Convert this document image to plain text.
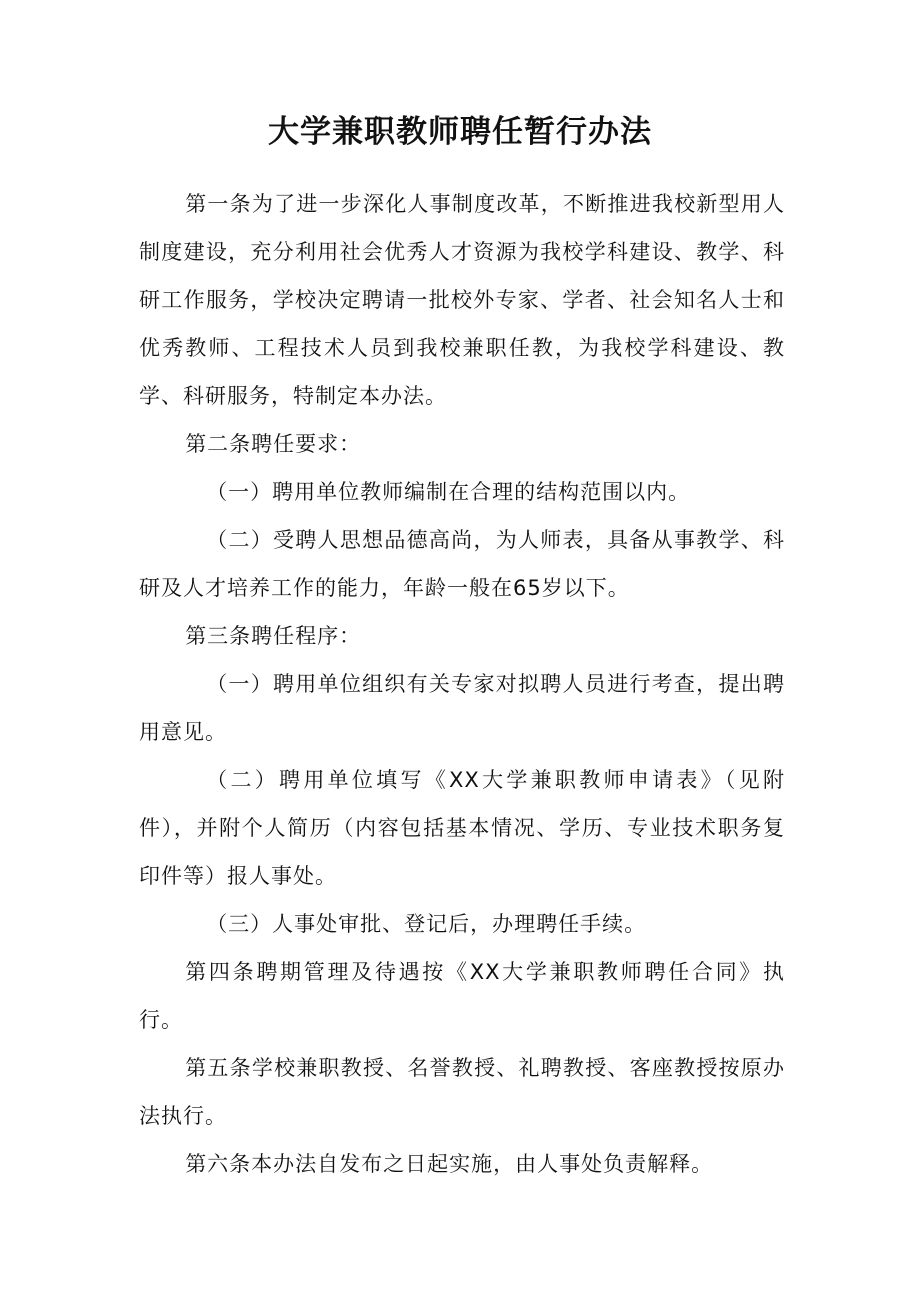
大学兼职教师聘任暂行办法

第一条为了进一步深化人事制度改革，不断推进我校新型用人制度建设，充分利用社会优秀人才资源为我校学科建设、教学、科研工作服务，学校决定聘请一批校外专家、学者、社会知名人士和优秀教师、工程技术人员到我校兼职任教，为我校学科建设、教学、科研服务，特制定本办法。

第二条聘任要求：

（一）聘用单位教师编制在合理的结构范围以内。

（二）受聘人思想品德高尚，为人师表，具备从事教学、科研及人才培养工作的能力，年龄一般在65岁以下。

第三条聘任程序：

（一）聘用单位组织有关专家对拟聘人员进行考查，提出聘用意见。

（二）聘用单位填写《XX大学兼职教师申请表》（见附件），并附个人简历（内容包括基本情况、学历、专业技术职务复印件等）报人事处。

（三）人事处审批、登记后，办理聘任手续。

第四条聘期管理及待遇按《XX大学兼职教师聘任合同》执行。

第五条学校兼职教授、名誉教授、礼聘教授、客座教授按原办法执行。

第六条本办法自发布之日起实施，由人事处负责解释。
